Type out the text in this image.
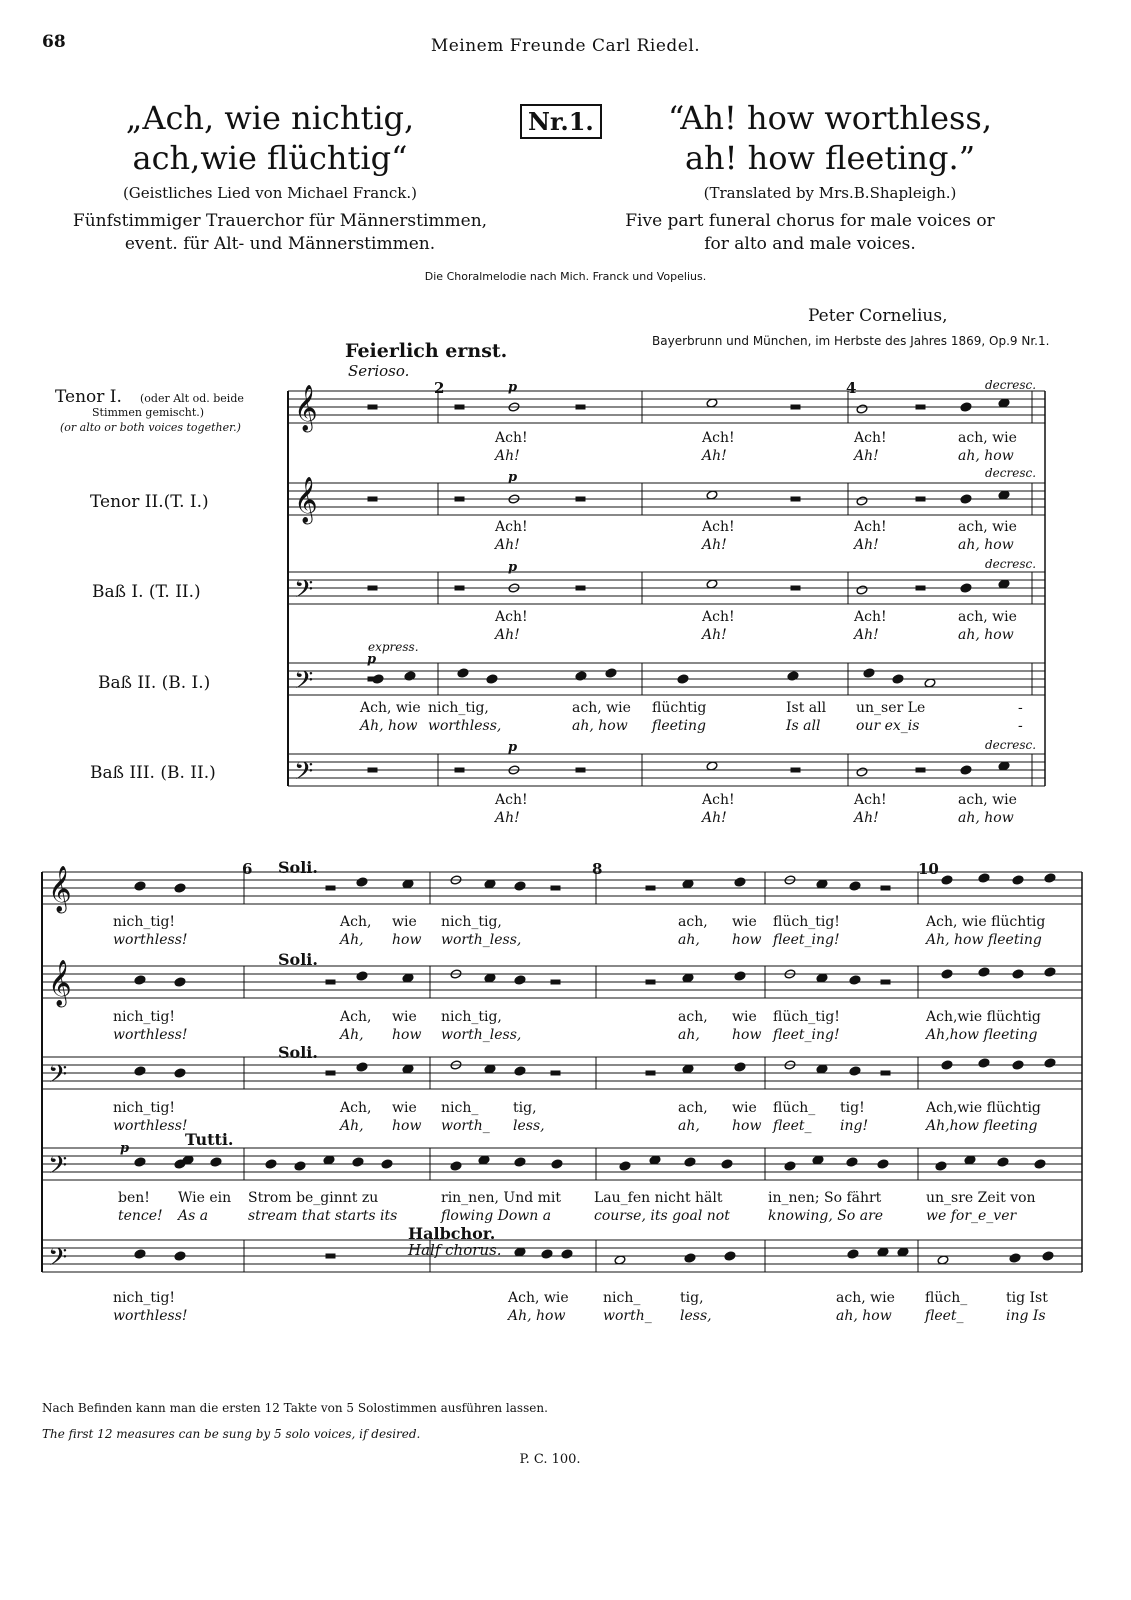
68	Meinem Freunde Carl Riedel.
„Ach, wie nichtig,
ach,wie flüchtig“
Nr.1.	“Ah! how worthless,
ah! how fleeting.”
(Geistliches Lied von Michael Franck.)	(Translated by Mrs.B.Shapleigh.)
Fünfstimmiger Trauerchor für Männerstimmen,
event. für Alt- und Männerstimmen.
Five part funeral chorus for male voices or
for alto and male voices.
Die Choralmelodie nach Mich. Franck und Vopelius.
Peter Cornelius,
Bayerbrunn und München, im Herbste des Jahres 1869, Op.9 Nr.1.
Feierlich ernst.
Serioso.
Tenor I. (oder Alt od. beide
Stimmen gemischt.)
(or alto or both voices together.)
Tenor II.(T. I.)
Baß I. (T. II.)
Baß II. (B. I.)
Baß III. (B. II.)
𝄞
𝄞
𝄢
𝄢
𝄢
𝄞
𝄞
𝄢
𝄢
𝄢
2	4
p	decresc.
p	decresc.
p	decresc.
express.
p
p	decresc.
Ach!
Ah!
Ach!
Ah!
Ach!
Ah!
ach, wie
ah, how
Ach!
Ah!
Ach!
Ah!
Ach!
Ah!
ach, wie
ah, how
Ach!
Ah!
Ach!
Ah!
Ach!
Ah!
ach, wie
ah, how
Ach!
Ah!
Ach!
Ah!
Ach!
Ah!
ach, wie
ah, how
Ach, wie
Ah, how
nich_tig,
worthless,
ach, wie
ah, how
flüchtig
fleeting
Ist all
Is all
un_ser Le
our ex_is
-
-
6	8	10
Soli.
Soli.
Soli.
Tutti.
p
Halbchor.
Half chorus.
nich_tig!
worthless!
Ach,
Ah,
wie
how
nich_tig,
worth_less,
ach,
ah,
wie
how
flüch_tig!
fleet_ing!
Ach, wie flüchtig
Ah, how fleeting
nich_tig!
worthless!
Ach,
Ah,
wie
how
nich_tig,
worth_less,
ach,
ah,
wie
how
flüch_tig!
fleet_ing!
Ach,wie flüchtig
Ah,how fleeting
nich_tig!
worthless!
Ach,
Ah,
wie
how
nich_
worth_
tig,
less,
ach,
ah,
wie
how
flüch_
fleet_
tig!
ing!
Ach,wie flüchtig
Ah,how fleeting
ben!
tence!
Wie ein
As a
Strom be_ginnt zu
stream that starts its
rin_nen, Und mit
flowing Down a
Lau_fen nicht hält
course, its goal not
in_nen; So fährt
knowing, So are
un_sre Zeit von
we for_e_ver
nich_tig!
worthless!
Ach, wie
Ah, how
nich_
worth_
tig,
less,
ach, wie
ah, how
flüch_
fleet_
tig Ist
ing Is
Nach Befinden kann man die ersten 12 Takte von 5 Solostimmen ausführen lassen.
The first 12 measures can be sung by 5 solo voices, if desired.
P. C. 100.
